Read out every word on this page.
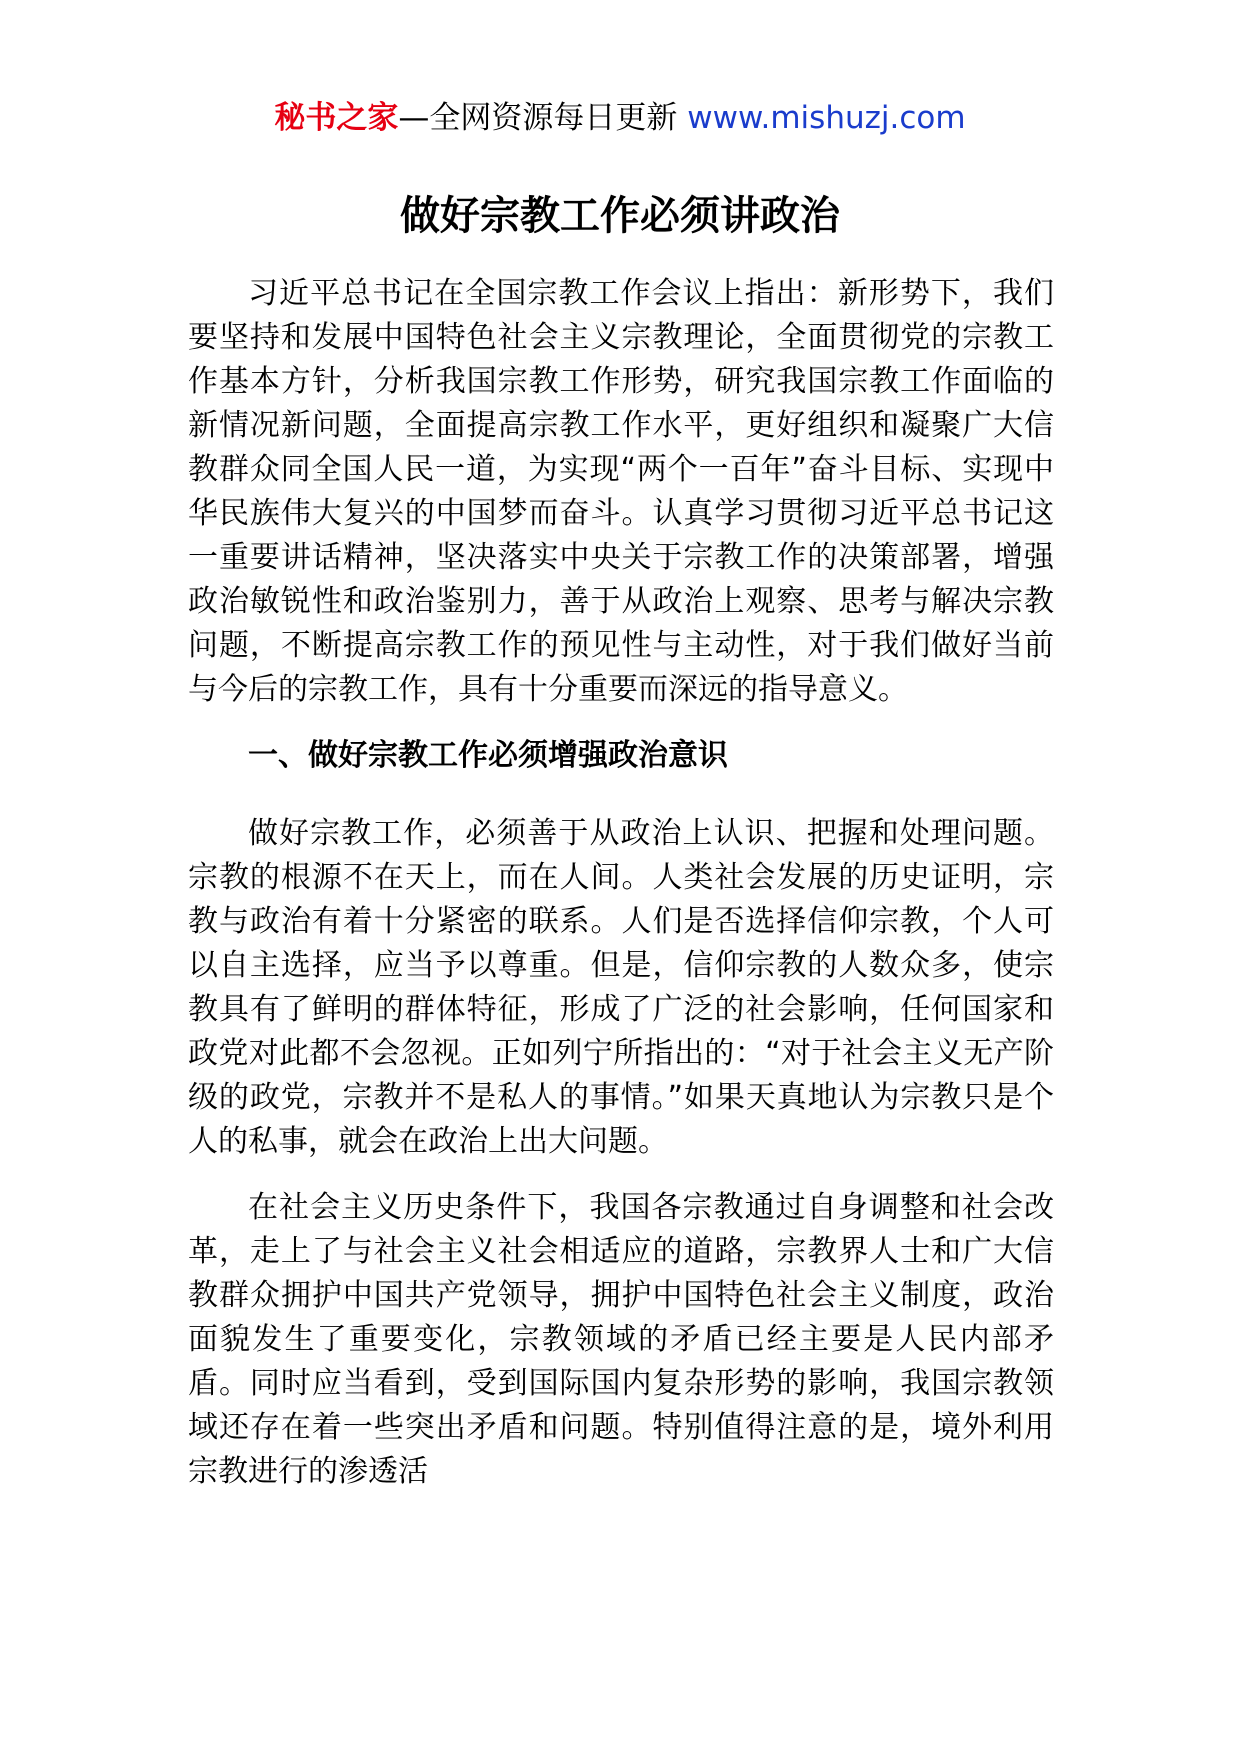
秘书之家—全网资源每日更新 www.mishuzj.com
做好宗教工作必须讲政治

习近平总书记在全国宗教工作会议上指出：新形势下，我们要坚持和发展中国特色社会主义宗教理论，全面贯彻党的宗教工作基本方针，分析我国宗教工作形势，研究我国宗教工作面临的新情况新问题，全面提高宗教工作水平，更好组织和凝聚广大信教群众同全国人民一道，为实现“两个一百年”奋斗目标、实现中华民族伟大复兴的中国梦而奋斗。认真学习贯彻习近平总书记这一重要讲话精神，坚决落实中央关于宗教工作的决策部署，增强政治敏锐性和政治鉴别力，善于从政治上观察、思考与解决宗教问题，不断提高宗教工作的预见性与主动性，对于我们做好当前与今后的宗教工作，具有十分重要而深远的指导意义。

一、做好宗教工作必须增强政治意识

做好宗教工作，必须善于从政治上认识、把握和处理问题。宗教的根源不在天上，而在人间。人类社会发展的历史证明，宗教与政治有着十分紧密的联系。人们是否选择信仰宗教，个人可以自主选择，应当予以尊重。但是，信仰宗教的人数众多，使宗教具有了鲜明的群体特征，形成了广泛的社会影响，任何国家和政党对此都不会忽视。正如列宁所指出的：“对于社会主义无产阶级的政党，宗教并不是私人的事情。”如果天真地认为宗教只是个人的私事，就会在政治上出大问题。

在社会主义历史条件下，我国各宗教通过自身调整和社会改革，走上了与社会主义社会相适应的道路，宗教界人士和广大信教群众拥护中国共产党领导，拥护中国特色社会主义制度，政治面貌发生了重要变化，宗教领域的矛盾已经主要是人民内部矛盾。同时应当看到，受到国际国内复杂形势的影响，我国宗教领域还存在着一些突出矛盾和问题。特别值得注意的是，境外利用宗教进行的渗透活
